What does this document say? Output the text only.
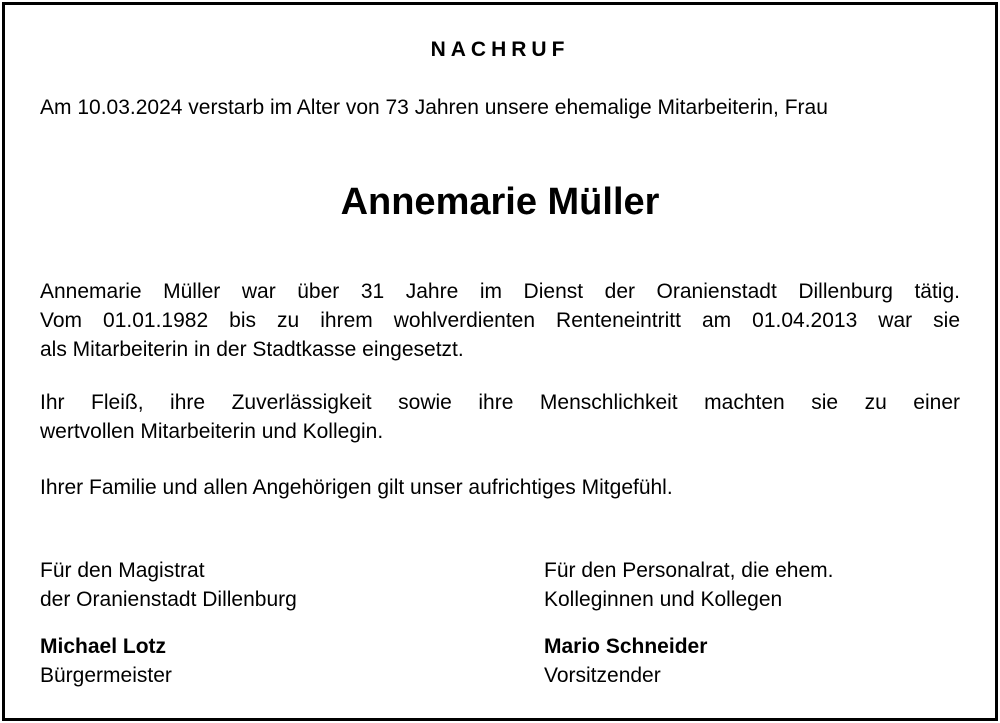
NACHRUF
Am 10.03.2024 verstarb im Alter von 73 Jahren unsere ehemalige Mitarbeiterin, Frau
Annemarie Müller
Annemarie Müller war über 31 Jahre im Dienst der Oranienstadt Dillenburg tätig.
Vom 01.01.1982 bis zu ihrem wohlverdienten Renteneintritt am 01.04.2013 war sie
als Mitarbeiterin in der Stadtkasse eingesetzt.
Ihr Fleiß, ihre Zuverlässigkeit sowie ihre Menschlichkeit machten sie zu einer
wertvollen Mitarbeiterin und Kollegin.
Ihrer Familie und allen Angehörigen gilt unser aufrichtiges Mitgefühl.
Für den Magistrat
der Oranienstadt Dillenburg
Michael Lotz
Bürgermeister
Für den Personalrat, die ehem.
Kolleginnen und Kollegen
Mario Schneider
Vorsitzender
